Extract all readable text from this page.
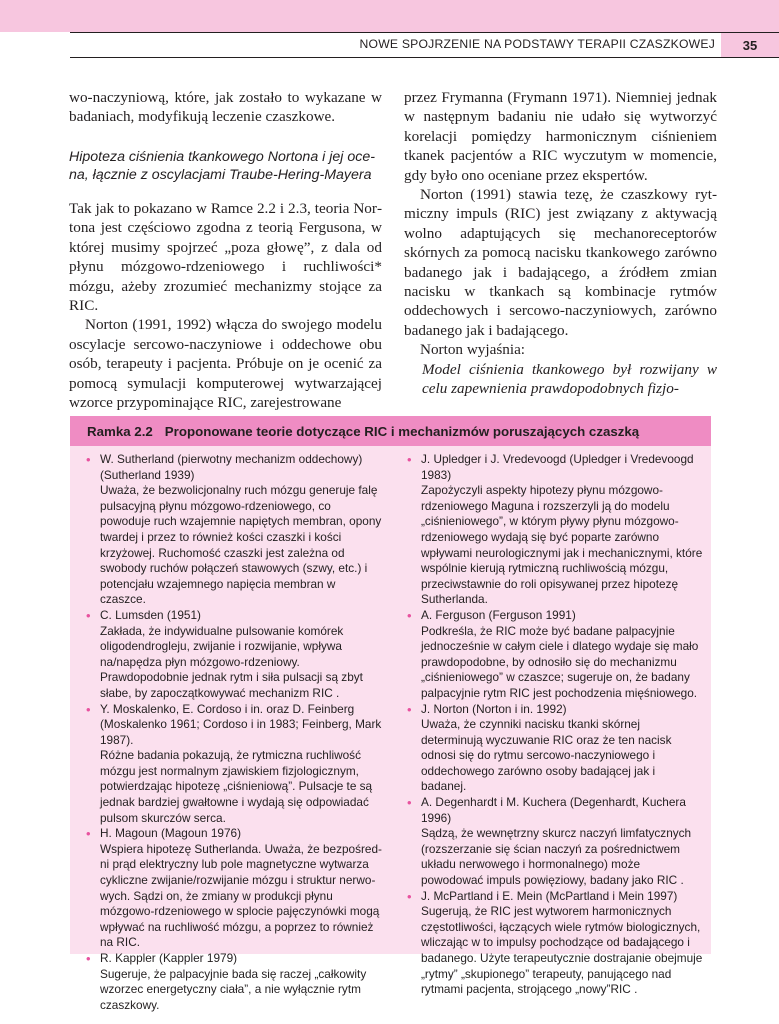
NOWE SPOJRZENIE NA PODSTAWY TERAPII CZASZKOWEJ	35

wo-naczyniową, które, jak zostało to wykazane w badaniach, modyfikują leczenie czaszkowe.

Hipoteza ciśnienia tkankowego Nortona i jej ocena, łącznie z oscylacjami Traube-Hering-Mayera

Tak jak to pokazano w Ramce 2.2 i 2.3, teoria Nortona jest częściowo zgodna z teorią Fergusona, w której musimy spojrzeć „poza głowę”, z dala od płynu mózgowo-rdzeniowego i ruchliwości* mózgu, ażeby zrozumieć mechanizmy stojące za RIC.

Norton (1991, 1992) włącza do swojego modelu oscylacje sercowo-naczyniowe i oddechowe obu osób, terapeuty i pacjenta. Próbuje on je ocenić za pomocą symulacji komputerowej wytwarzającej wzorce przypominające RIC, zarejestrowane

przez Frymanna (Frymann 1971). Niemniej jednak w następnym badaniu nie udało się wytworzyć korelacji pomiędzy harmonicznym ciśnieniem tkanek pacjentów a RIC wyczutym w momencie, gdy było ono oceniane przez ekspertów.

Norton (1991) stawia tezę, że czaszkowy rytmiczny impuls (RIC) jest związany z aktywacją wolno adaptujących się mechanoreceptorów skórnych za pomocą nacisku tkankowego zarówno badanego jak i badającego, a źródłem zmian nacisku w tkankach są kombinacje rytmów oddechowych i sercowo-naczyniowych, zarówno badanego jak i badającego.

Norton wyjaśnia:

Model ciśnienia tkankowego był rozwijany w celu zapewnienia prawdopodobnych fizjo-

Ramka 2.2 Proponowane teorie dotyczące RIC i mechanizmów poruszających czaszką
• W. Sutherland (pierwotny mechanizm oddechowy) (Sutherland 1939)
Uważa, że bezwolicjonalny ruch mózgu generuje falę pulsacyjną płynu mózgowo-rdzeniowego, co powoduje ruch wzajemnie napiętych membran, opony twardej i przez to również kości czaszki i kości krzyżowej. Ruchomość czaszki jest zależna od swobody ruchów połączeń stawowych (szwy, etc.) i potencjału wzajemnego napięcia membran w czaszce.
• C. Lumsden (1951)
Zakłada, że indywidualne pulsowanie komórek oligodendrogleju, zwijanie i rozwijanie, wpływa na/napędza płyn mózgowo-rdzeniowy. Prawdopodobnie jednak rytm i siła pulsacji są zbyt słabe, by zapoczątkowywać mechanizm RIC .
• Y. Moskalenko, E. Cordoso i in. oraz D. Feinberg (Moskalenko 1961; Cordoso i in 1983; Feinberg, Mark 1987).
Różne badania pokazują, że rytmiczna ruchliwość mózgu jest normalnym zjawiskiem fizjologicznym, potwierdzając hipotezę „ciśnieniową”. Pulsacje te są jednak bardziej gwałtowne i wydają się odpowiadać pulsom skurczów serca.
• H. Magoun (Magoun 1976)
Wspiera hipotezę Sutherlanda. Uważa, że bezpośredni prąd elektryczny lub pole magnetyczne wytwarza cykliczne zwijanie/rozwijanie mózgu i struktur nerwowych. Sądzi on, że zmiany w produkcji płynu mózgowo-rdzeniowego w splocie pajęczynówki mogą wpływać na ruchliwość mózgu, a poprzez to również na RIC.
• R. Kappler (Kappler 1979)
Sugeruje, że palpacyjnie bada się raczej „całkowity wzorzec energetyczny ciała”, a nie wyłącznie rytm czaszkowy.
• J. Upledger i J. Vredevoogd (Upledger i Vredevoogd 1983)
Zapożyczyli aspekty hipotezy płynu mózgowo-rdzeniowego Maguna i rozszerzyli ją do modelu „ciśnieniowego”, w którym pływy płynu mózgowo-rdzeniowego wydają się być poparte zarówno wpływami neurologicznymi jak i mechanicznymi, które wspólnie kierują rytmiczną ruchliwością mózgu, przeciwstawnie do roli opisywanej przez hipotezę Sutherlanda.
• A. Ferguson (Ferguson 1991)
Podkreśla, że RIC może być badane palpacyjnie jednocześnie w całym ciele i dlatego wydaje się mało prawdopodobne, by odnosiło się do mechanizmu „ciśnieniowego” w czaszce; sugeruje on, że badany palpacyjnie rytm RIC jest pochodzenia mięśniowego.
• J. Norton (Norton i in. 1992)
Uważa, że czynniki nacisku tkanki skórnej determinują wyczuwanie RIC oraz że ten nacisk odnosi się do rytmu sercowo-naczyniowego i oddechowego zarówno osoby badającej jak i badanej.
• A. Degenhardt i M. Kuchera (Degenhardt, Kuchera 1996)
Sądzą, że wewnętrzny skurcz naczyń limfatycznych (rozszerzanie się ścian naczyń za pośrednictwem układu nerwowego i hormonalnego) może powodować impuls powięziowy, badany jako RIC .
• J. McPartland i E. Mein (McPartland i Mein 1997)
Sugerują, że RIC jest wytworem harmonicznych częstotliwości, łączących wiele rytmów biologicznych, wliczając w to impulsy pochodzące od badającego i badanego. Użyte terapeutycznie dostrajanie obejmuje „rytmy” „skupionego” terapeuty, panującego nad rytmami pacjenta, strojącego „nowy”RIC .
